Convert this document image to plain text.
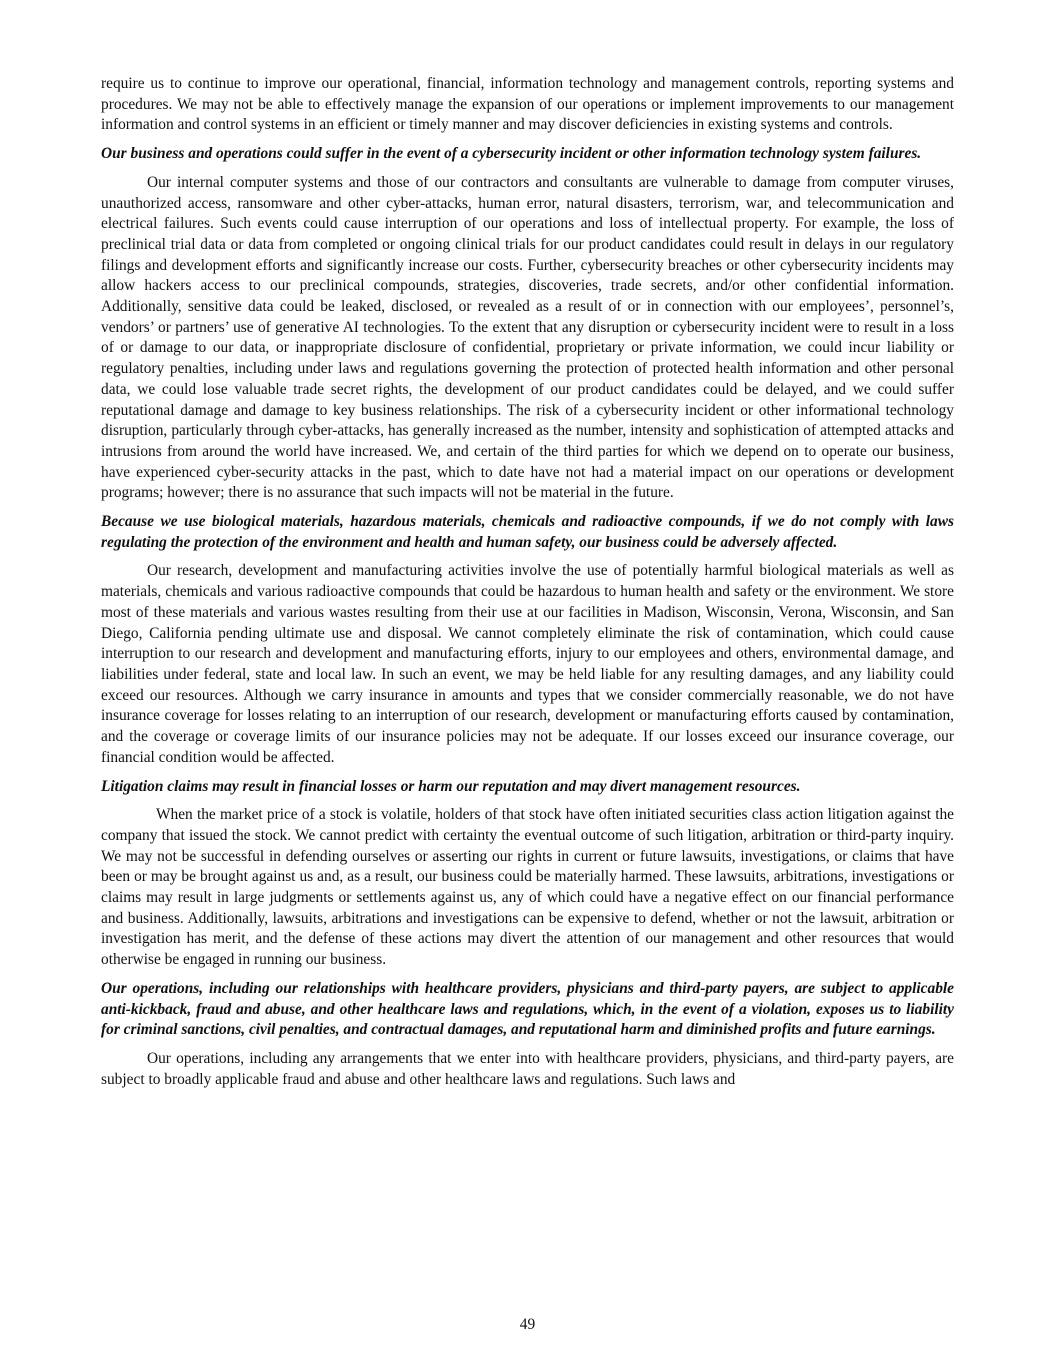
require us to continue to improve our operational, financial, information technology and management controls, reporting systems and procedures. We may not be able to effectively manage the expansion of our operations or implement improvements to our management information and control systems in an efficient or timely manner and may discover deficiencies in existing systems and controls.

Our business and operations could suffer in the event of a cybersecurity incident or other information technology system failures.

Our internal computer systems and those of our contractors and consultants are vulnerable to damage from computer viruses, unauthorized access, ransomware and other cyber-attacks, human error, natural disasters, terrorism, war, and telecommunication and electrical failures. Such events could cause interruption of our operations and loss of intellectual property. For example, the loss of preclinical trial data or data from completed or ongoing clinical trials for our product candidates could result in delays in our regulatory filings and development efforts and significantly increase our costs. Further, cybersecurity breaches or other cybersecurity incidents may allow hackers access to our preclinical compounds, strategies, discoveries, trade secrets, and/or other confidential information. Additionally, sensitive data could be leaked, disclosed, or revealed as a result of or in connection with our employees’, personnel’s, vendors’ or partners’ use of generative AI technologies. To the extent that any disruption or cybersecurity incident were to result in a loss of or damage to our data, or inappropriate disclosure of confidential, proprietary or private information, we could incur liability or regulatory penalties, including under laws and regulations governing the protection of protected health information and other personal data, we could lose valuable trade secret rights, the development of our product candidates could be delayed, and we could suffer reputational damage and damage to key business relationships. The risk of a cybersecurity incident or other informational technology disruption, particularly through cyber-attacks, has generally increased as the number, intensity and sophistication of attempted attacks and intrusions from around the world have increased. We, and certain of the third parties for which we depend on to operate our business, have experienced cyber-security attacks in the past, which to date have not had a material impact on our operations or development programs; however; there is no assurance that such impacts will not be material in the future.

Because we use biological materials, hazardous materials, chemicals and radioactive compounds, if we do not comply with laws regulating the protection of the environment and health and human safety, our business could be adversely affected.

Our research, development and manufacturing activities involve the use of potentially harmful biological materials as well as materials, chemicals and various radioactive compounds that could be hazardous to human health and safety or the environment. We store most of these materials and various wastes resulting from their use at our facilities in Madison, Wisconsin, Verona, Wisconsin, and San Diego, California pending ultimate use and disposal. We cannot completely eliminate the risk of contamination, which could cause interruption to our research and development and manufacturing efforts, injury to our employees and others, environmental damage, and liabilities under federal, state and local law. In such an event, we may be held liable for any resulting damages, and any liability could exceed our resources. Although we carry insurance in amounts and types that we consider commercially reasonable, we do not have insurance coverage for losses relating to an interruption of our research, development or manufacturing efforts caused by contamination, and the coverage or coverage limits of our insurance policies may not be adequate. If our losses exceed our insurance coverage, our financial condition would be affected.

Litigation claims may result in financial losses or harm our reputation and may divert management resources.

When the market price of a stock is volatile, holders of that stock have often initiated securities class action litigation against the company that issued the stock. We cannot predict with certainty the eventual outcome of such litigation, arbitration or third-party inquiry. We may not be successful in defending ourselves or asserting our rights in current or future lawsuits, investigations, or claims that have been or may be brought against us and, as a result, our business could be materially harmed. These lawsuits, arbitrations, investigations or claims may result in large judgments or settlements against us, any of which could have a negative effect on our financial performance and business. Additionally, lawsuits, arbitrations and investigations can be expensive to defend, whether or not the lawsuit, arbitration or investigation has merit, and the defense of these actions may divert the attention of our management and other resources that would otherwise be engaged in running our business.

Our operations, including our relationships with healthcare providers, physicians and third-party payers, are subject to applicable anti-kickback, fraud and abuse, and other healthcare laws and regulations, which, in the event of a violation, exposes us to liability for criminal sanctions, civil penalties, and contractual damages, and reputational harm and diminished profits and future earnings.

Our operations, including any arrangements that we enter into with healthcare providers, physicians, and third-party payers, are subject to broadly applicable fraud and abuse and other healthcare laws and regulations. Such laws and

49
